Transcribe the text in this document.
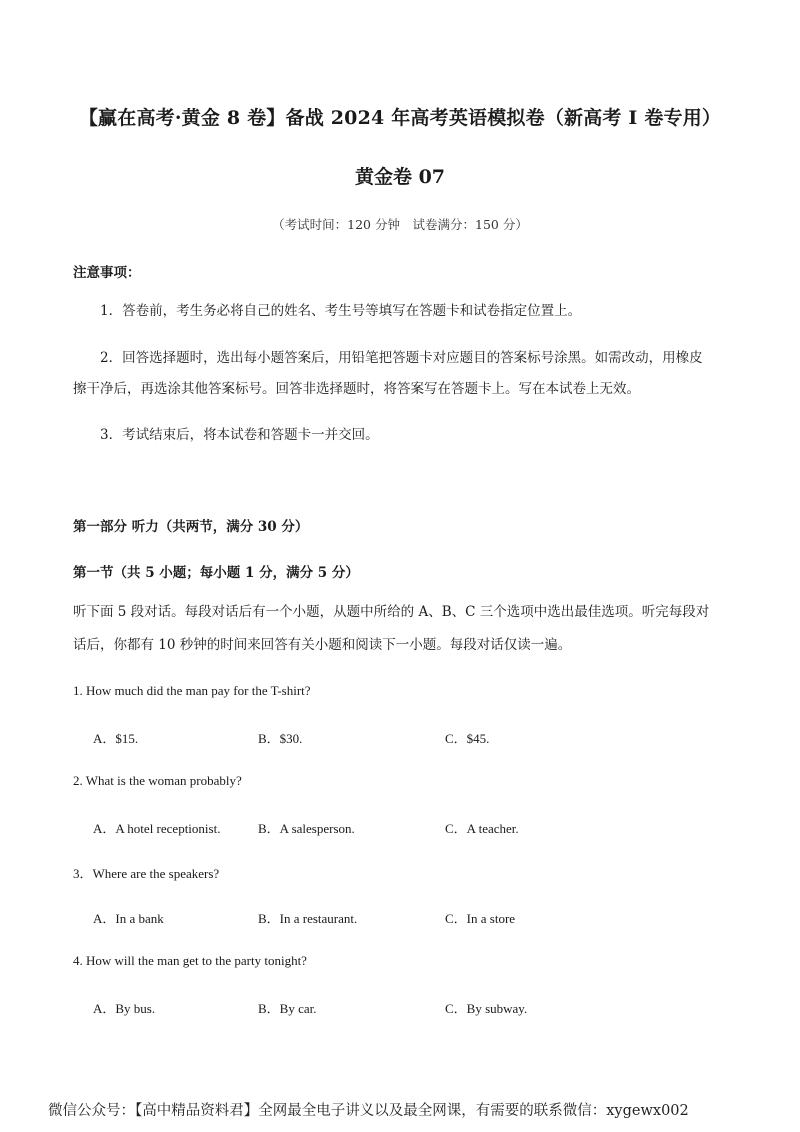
【赢在高考·黄金 8 卷】备战 2024 年高考英语模拟卷（新高考 I 卷专用）
黄金卷 07
（考试时间：120 分钟　试卷满分：150 分）
注意事项：
1．答卷前，考生务必将自己的姓名、考生号等填写在答题卡和试卷指定位置上。
2．回答选择题时，选出每小题答案后，用铅笔把答题卡对应题目的答案标号涂黑。如需改动，用橡皮
擦干净后，再选涂其他答案标号。回答非选择题时，将答案写在答题卡上。写在本试卷上无效。
3．考试结束后，将本试卷和答题卡一并交回。
第一部分 听力（共两节，满分 30 分）
第一节（共 5 小题；每小题 1 分，满分 5 分）
听下面 5 段对话。每段对话后有一个小题，从题中所给的 A、B、C 三个选项中选出最佳选项。听完每段对
话后，你都有 10 秒钟的时间来回答有关小题和阅读下一小题。每段对话仅读一遍。
1. How much did the man pay for the T-shirt?
A．$15.	B．$30.	C．$45.
2. What is the woman probably?
A．A hotel receptionist.	B．A salesperson.	C．A teacher.
3．Where are the speakers?
A．In a bank	B．In a restaurant.	C．In a store
4. How will the man get to the party tonight?
A．By bus.	B．By car.	C．By subway.
微信公众号：【高中精品资料君】全网最全电子讲义以及最全网课，有需要的联系微信：xygewx002
